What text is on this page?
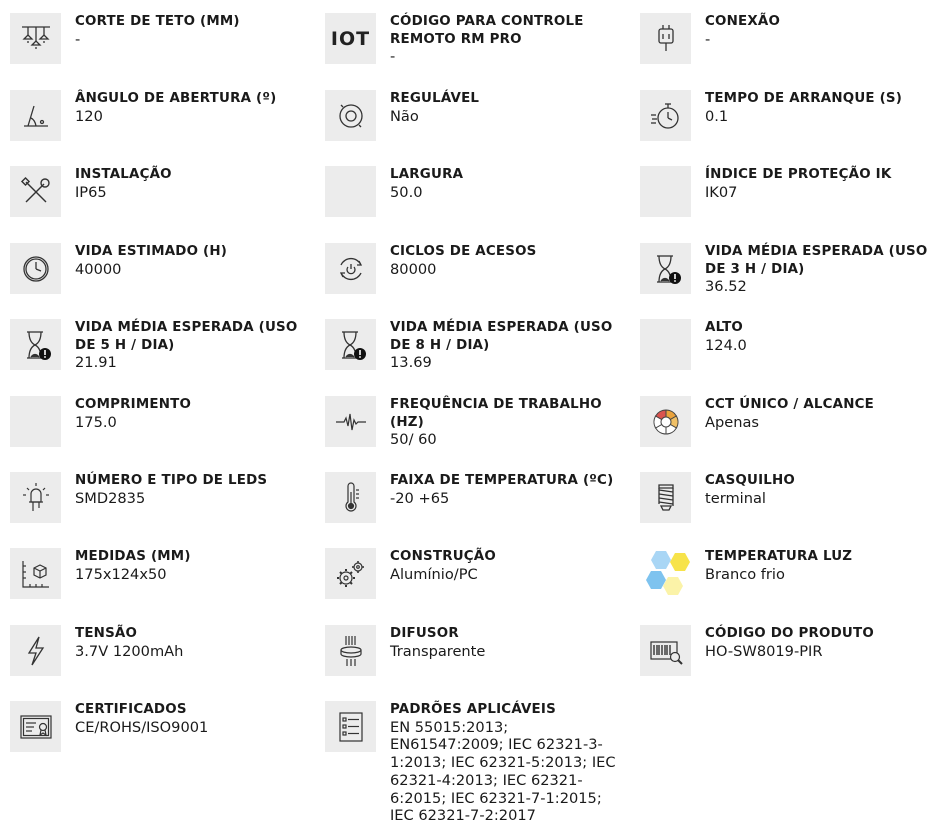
CORTE DE TETO (MM)
-	IOT
CÓDIGO PARA CONTROLE REMOTO RM PRO
-
CONEXÃO
-
ÂNGULO DE ABERTURA (º)
120
REGULÁVEL
Não
TEMPO DE ARRANQUE (S)
0.1
INSTALAÇÃO
IP65
LARGURA
50.0
ÍNDICE DE PROTEÇÃO IK
IK07
VIDA ESTIMADO (H)
40000
CICLOS DE ACESOS
80000
VIDA MÉDIA ESPERADA (USO DE 3 H / DIA)
36.52
VIDA MÉDIA ESPERADA (USO DE 5 H / DIA)
21.91
VIDA MÉDIA ESPERADA (USO DE 8 H / DIA)
13.69
ALTO
124.0
COMPRIMENTO
175.0
FREQUÊNCIA DE TRABALHO (HZ)
50/ 60
CCT ÚNICO / ALCANCE
Apenas
NÚMERO E TIPO DE LEDS
SMD2835
FAIXA DE TEMPERATURA (ºC)
-20 +65
CASQUILHO
terminal
MEDIDAS (MM)
175x124x50
CONSTRUÇÃO
Alumínio/PC
TEMPERATURA LUZ
Branco frio
TENSÃO
3.7V 1200mAh
DIFUSOR
Transparente
CÓDIGO DO PRODUTO
HO-SW8019-PIR
CERTIFICADOS
CE/ROHS/ISO9001
PADRÕES APLICÁVEIS
EN 55015:2013;
EN61547:2009; IEC 62321-3-
1:2013; IEC 62321-5:2013; IEC
62321-4:2013; IEC 62321-
6:2015; IEC 62321-7-1:2015;
IEC 62321-7-2:2017
